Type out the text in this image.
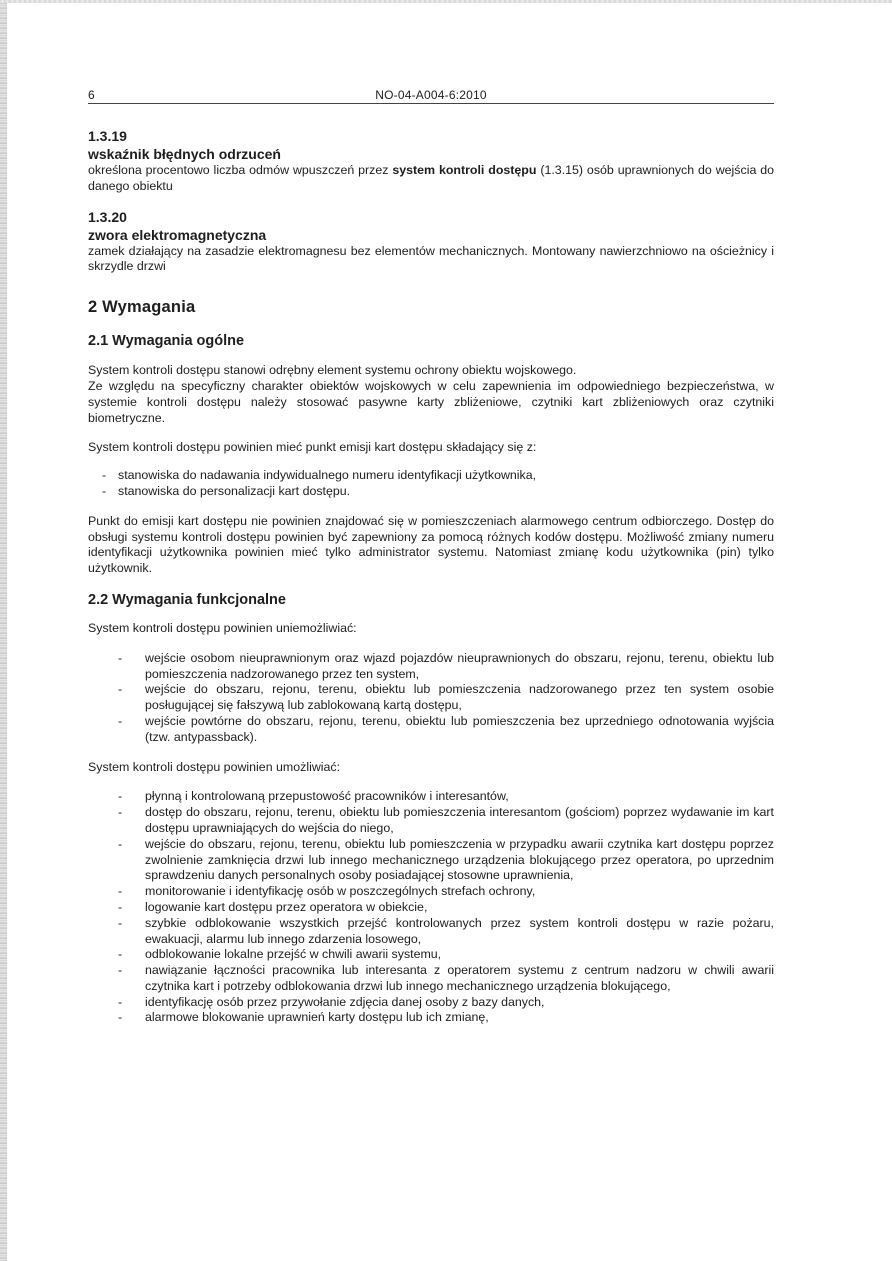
6	NO-04-A004-6:2010
1.3.19
wskaźnik błędnych odrzuceń

określona procentowo liczba odmów wpuszczeń przez system kontroli dostępu (1.3.15) osób uprawnionych do wejścia do danego obiektu

1.3.20
zwora elektromagnetyczna

zamek działający na zasadzie elektromagnesu bez elementów mechanicznych. Montowany nawierzchniowo na ościeżnicy i skrzydle drzwi

2 Wymagania
2.1 Wymagania ogólne

System kontroli dostępu stanowi odrębny element systemu ochrony obiektu wojskowego.

Ze względu na specyficzny charakter obiektów wojskowych w celu zapewnienia im odpowiedniego bezpieczeństwa, w systemie kontroli dostępu należy stosować pasywne karty zbliżeniowe, czytniki kart zbliżeniowych oraz czytniki biometryczne.

System kontroli dostępu powinien mieć punkt emisji kart dostępu składający się z:

- stanowiska do nadawania indywidualnego numeru identyfikacji użytkownika,
- stanowiska do personalizacji kart dostępu.

Punkt do emisji kart dostępu nie powinien znajdować się w pomieszczeniach alarmowego centrum odbiorczego. Dostęp do obsługi systemu kontroli dostępu powinien być zapewniony za pomocą różnych kodów dostępu. Możliwość zmiany numeru identyfikacji użytkownika powinien mieć tylko administrator systemu. Natomiast zmianę kodu użytkownika (pin) tylko użytkownik.

2.2 Wymagania funkcjonalne

System kontroli dostępu powinien uniemożliwiać:

- wejście osobom nieuprawnionym oraz wjazd pojazdów nieuprawnionych do obszaru, rejonu, terenu, obiektu lub pomieszczenia nadzorowanego przez ten system,
- wejście do obszaru, rejonu, terenu, obiektu lub pomieszczenia nadzorowanego przez ten system osobie posługującej się fałszywą lub zablokowaną kartą dostępu,
- wejście powtórne do obszaru, rejonu, terenu, obiektu lub pomieszczenia bez uprzedniego odnotowania wyjścia (tzw. antypassback).

System kontroli dostępu powinien umożliwiać:

- płynną i kontrolowaną przepustowość pracowników i interesantów,
- dostęp do obszaru, rejonu, terenu, obiektu lub pomieszczenia interesantom (gościom) poprzez wydawanie im kart dostępu uprawniających do wejścia do niego,
- wejście do obszaru, rejonu, terenu, obiektu lub pomieszczenia w przypadku awarii czytnika kart dostępu poprzez zwolnienie zamknięcia drzwi lub innego mechanicznego urządzenia blokującego przez operatora, po uprzednim sprawdzeniu danych personalnych osoby posiadającej stosowne uprawnienia,
- monitorowanie i identyfikację osób w poszczególnych strefach ochrony,
- logowanie kart dostępu przez operatora w obiekcie,
- szybkie odblokowanie wszystkich przejść kontrolowanych przez system kontroli dostępu w razie pożaru, ewakuacji, alarmu lub innego zdarzenia losowego,
- odblokowanie lokalne przejść w chwili awarii systemu,
- nawiązanie łączności pracownika lub interesanta z operatorem systemu z centrum nadzoru w chwili awarii czytnika kart i potrzeby odblokowania drzwi lub innego mechanicznego urządzenia blokującego,
- identyfikację osób przez przywołanie zdjęcia danej osoby z bazy danych,
- alarmowe blokowanie uprawnień karty dostępu lub ich zmianę,
